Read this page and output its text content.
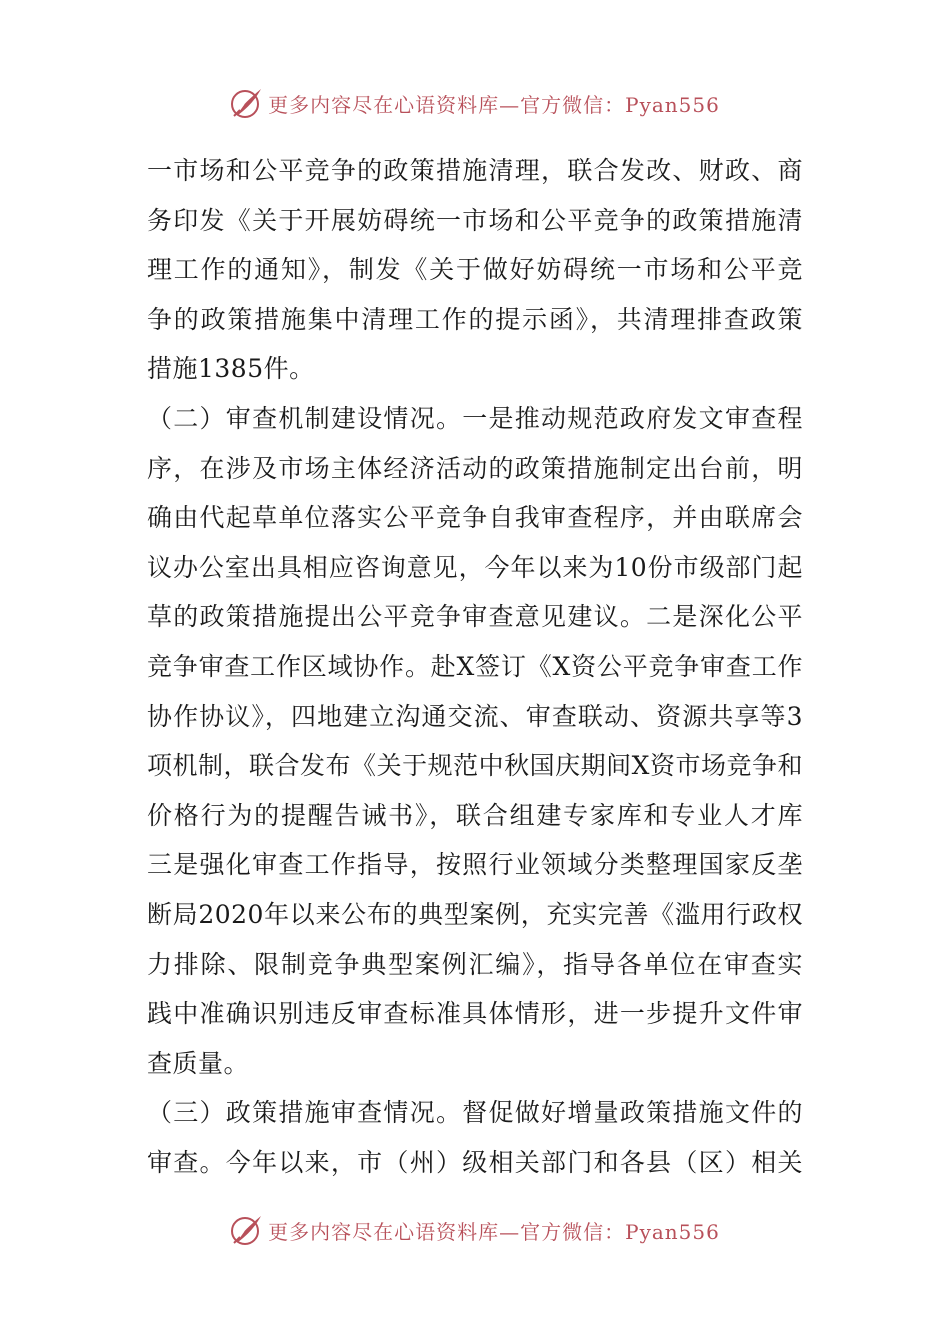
更多内容尽在心语资料库—官方微信：Pyan556
一市场和公平竞争的政策措施清理，联合发改、财政、商
务印发《关于开展妨碍统一市场和公平竞争的政策措施清
理工作的通知》，制发《关于做好妨碍统一市场和公平竞
争的政策措施集中清理工作的提示函》，共清理排查政策
措施1385件。
（二）审查机制建设情况。一是推动规范政府发文审查程
序，在涉及市场主体经济活动的政策措施制定出台前，明
确由代起草单位落实公平竞争自我审查程序，并由联席会
议办公室出具相应咨询意见，今年以来为10份市级部门起
草的政策措施提出公平竞争审查意见建议。二是深化公平
竞争审查工作区域协作。赴X签订《X资公平竞争审查工作
协作协议》，四地建立沟通交流、审查联动、资源共享等3
项机制，联合发布《关于规范中秋国庆期间X资市场竞争和
价格行为的提醒告诫书》，联合组建专家库和专业人才库
三是强化审查工作指导，按照行业领域分类整理国家反垄
断局2020年以来公布的典型案例，充实完善《滥用行政权
力排除、限制竞争典型案例汇编》，指导各单位在审查实
践中准确识别违反审查标准具体情形，进一步提升文件审
查质量。
（三）政策措施审查情况。督促做好增量政策措施文件的
审查。今年以来，市（州）级相关部门和各县（区）相关
更多内容尽在心语资料库—官方微信：Pyan556
